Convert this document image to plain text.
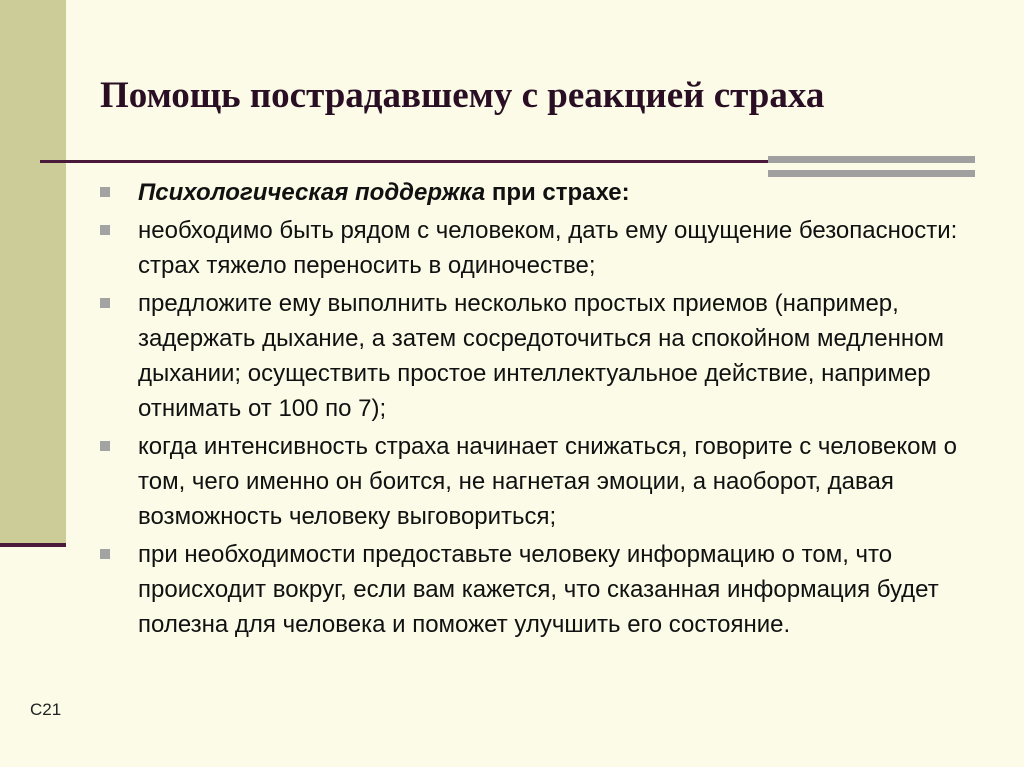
Помощь пострадавшему с реакцией страха
Психологическая поддержка при страхе:
необходимо быть рядом с человеком, дать ему ощущение безопасности: страх тяжело переносить в одиночестве;
предложите ему выполнить несколько простых приемов (например, задержать дыхание, а затем сосредоточиться на спокойном медленном дыхании; осуществить простое интеллектуальное действие, например отнимать от 100 по 7);
когда интенсивность страха начинает снижаться, говорите с человеком о том, чего именно он боится, не нагнетая эмоции, а наоборот, давая возможность человеку выговориться;
при необходимости предоставьте человеку информацию о том, что происходит вокруг, если вам кажется, что сказанная информация будет полезна для человека и поможет улучшить его состояние.
С21
